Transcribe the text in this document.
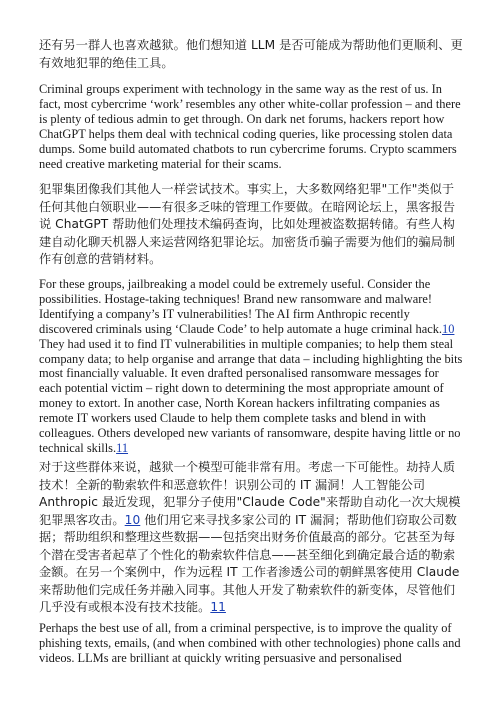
还有另一群人也喜欢越狱。他们想知道 LLM 是否可能成为帮助他们更顺利、更有效地犯罪的绝佳工具。

Criminal groups experiment with technology in the same way as the rest of us. In fact, most cybercrime ‘work’ resembles any other white-collar profession – and there is plenty of tedious admin to get through. On dark net forums, hackers report how ChatGPT helps them deal with technical coding queries, like processing stolen data dumps. Some build automated chatbots to run cybercrime forums. Crypto scammers need creative marketing material for their scams.

犯罪集团像我们其他人一样尝试技术。事实上，大多数网络犯罪"工作"类似于任何其他白领职业——有很多乏味的管理工作要做。在暗网论坛上，黑客报告说 ChatGPT 帮助他们处理技术编码查询，比如处理被盗数据转储。有些人构建自动化聊天机器人来运营网络犯罪论坛。加密货币骗子需要为他们的骗局制作有创意的营销材料。

For these groups, jailbreaking a model could be extremely useful. Consider the possibilities. Hostage-taking techniques! Brand new ransomware and malware! Identifying a company’s IT vulnerabilities! The AI firm Anthropic recently discovered criminals using ‘Claude Code’ to help automate a huge criminal hack.10 They had used it to find IT vulnerabilities in multiple companies; to help them steal company data; to help organise and arrange that data – including highlighting the bits most financially valuable. It even drafted personalised ransomware messages for each potential victim – right down to determining the most appropriate amount of money to extort. In another case, North Korean hackers infiltrating companies as remote IT workers used Claude to help them complete tasks and blend in with colleagues. Others developed new variants of ransomware, despite having little or no technical skills.11

对于这些群体来说，越狱一个模型可能非常有用。考虑一下可能性。劫持人质技术！全新的勒索软件和恶意软件！识别公司的 IT 漏洞！人工智能公司 Anthropic 最近发现，犯罪分子使用"Claude Code"来帮助自动化一次大规模犯罪黑客攻击。10 他们用它来寻找多家公司的 IT 漏洞；帮助他们窃取公司数据；帮助组织和整理这些数据——包括突出财务价值最高的部分。它甚至为每个潜在受害者起草了个性化的勒索软件信息——甚至细化到确定最合适的勒索金额。在另一个案例中，作为远程 IT 工作者渗透公司的朝鲜黑客使用 Claude 来帮助他们完成任务并融入同事。其他人开发了勒索软件的新变体，尽管他们几乎没有或根本没有技术技能。11

Perhaps the best use of all, from a criminal perspective, is to improve the quality of phishing texts, emails, (and when combined with other technologies) phone calls and videos. LLMs are brilliant at quickly writing persuasive and personalised
